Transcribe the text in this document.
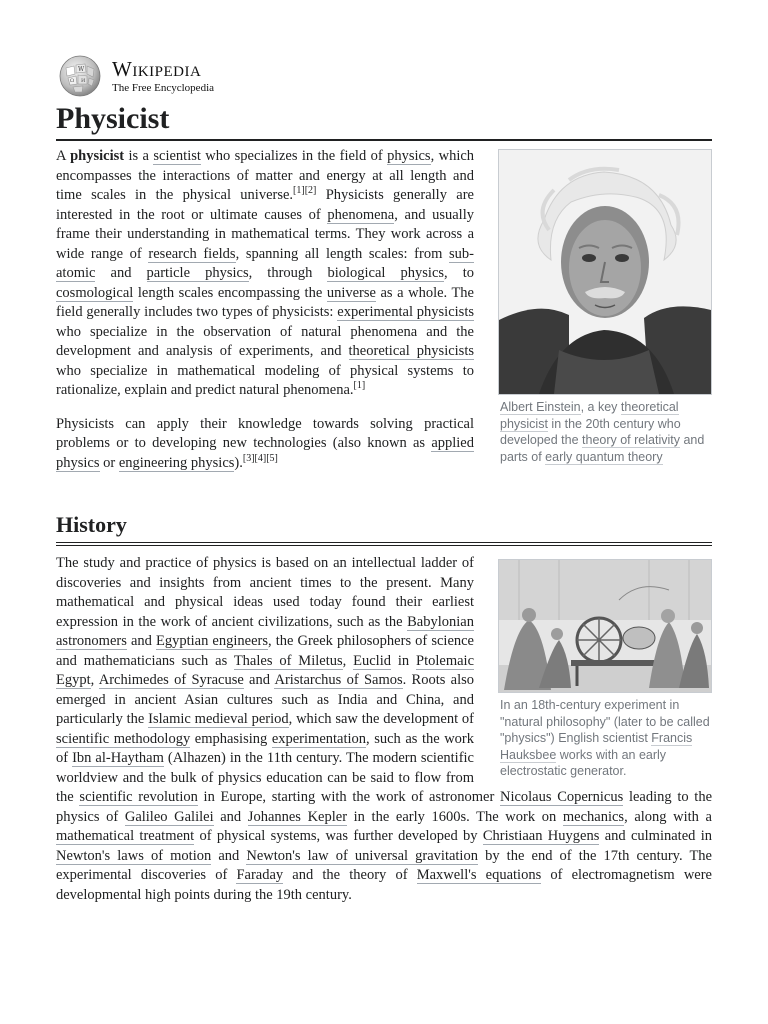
W
Ω И
Wikipedia
The Free Encyclopedia
Physicist
Albert Einstein, a key theoretical physicist in the 20th century who developed the theory of relativity and parts of early quantum theory

A physicist is a scientist who specializes in the field of physics, which encompasses the interactions of matter and energy at all length and time scales in the physical universe.[1][2] Physicists generally are interested in the root or ultimate causes of phenomena, and usually frame their understanding in mathematical terms. They work across a wide range of research fields, spanning all length scales: from sub-atomic and particle physics, through biological physics, to cosmological length scales encompassing the universe as a whole. The field generally includes two types of physicists: experimental physicists who specialize in the observation of natural phenomena and the development and analysis of experiments, and theoretical physicists who specialize in mathematical modeling of physical systems to rationalize, explain and predict natural phenomena.[1]

Physicists can apply their knowledge towards solving practical problems or to developing new technologies (also known as applied physics or engineering physics).[3][4][5]

History
In an 18th-century experiment in "natural philosophy" (later to be called "physics") English scientist Francis Hauksbee works with an early electrostatic generator.

The study and practice of physics is based on an intellectual ladder of discoveries and insights from ancient times to the present. Many mathematical and physical ideas used today found their earliest expression in the work of ancient civilizations, such as the Babylonian astronomers and Egyptian engineers, the Greek philosophers of science and mathematicians such as Thales of Miletus, Euclid in Ptolemaic Egypt, Archimedes of Syracuse and Aristarchus of Samos. Roots also emerged in ancient Asian cultures such as India and China, and particularly the Islamic medieval period, which saw the development of scientific methodology emphasising experimentation, such as the work of Ibn al-Haytham (Alhazen) in the 11th century. The modern scientific worldview and the bulk of physics education can be said to flow from the scientific revolution in Europe, starting with the work of astronomer Nicolaus Copernicus leading to the physics of Galileo Galilei and Johannes Kepler in the early 1600s. The work on mechanics, along with a mathematical treatment of physical systems, was further developed by Christiaan Huygens and culminated in Newton's laws of motion and Newton's law of universal gravitation by the end of the 17th century. The experimental discoveries of Faraday and the theory of Maxwell's equations of electromagnetism were developmental high points during the 19th century.
